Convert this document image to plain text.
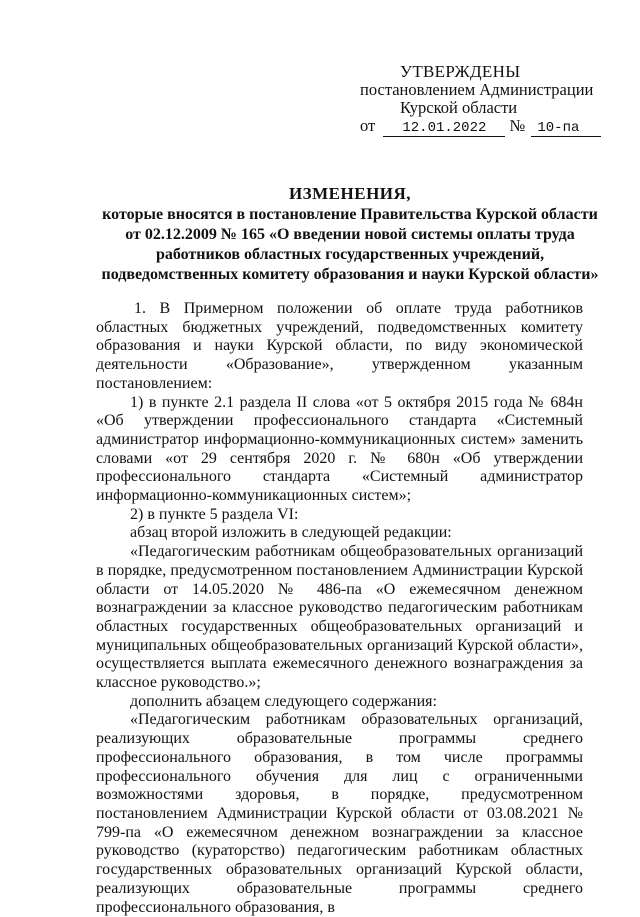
УТВЕРЖДЕНЫ
постановлением Администрации
Курской области
от 12.01.2022 № 10-па
ИЗМЕНЕНИЯ,
которые вносятся в постановление Правительства Курской области
от 02.12.2009 № 165 «О введении новой системы оплаты труда
работников областных государственных учреждений,
подведомственных комитету образования и науки Курской области»

1. В Примерном положении об оплате труда работников областных бюджетных учреждений, подведомственных комитету образования и науки Курской области, по виду экономической деятельности «Образование», утвержденном указанным постановлением:

1) в пункте 2.1 раздела II слова «от 5 октября 2015 года № 684н «Об утверждении профессионального стандарта «Системный администратор информационно-коммуникационных систем» заменить словами «от 29 сентября 2020 г. № 680н «Об утверждении профессионального стандарта «Системный администратор информационно-коммуникационных систем»;

2) в пункте 5 раздела VI:

абзац второй изложить в следующей редакции:

«Педагогическим работникам общеобразовательных организаций в порядке, предусмотренном постановлением Администрации Курской области от 14.05.2020 № 486-па «О ежемесячном денежном вознаграждении за классное руководство педагогическим работникам областных государственных общеобразовательных организаций и муниципальных общеобразовательных организаций Курской области», осуществляется выплата ежемесячного денежного вознаграждения за классное руководство.»;

дополнить абзацем следующего содержания:

«Педагогическим работникам образовательных организаций, реализующих образовательные программы среднего профессионального образования, в том числе программы профессионального обучения для лиц с ограниченными возможностями здоровья, в порядке, предусмотренном постановлением Администрации Курской области от 03.08.2021 № 799-па «О ежемесячном денежном вознаграждении за классное руководство (кураторство) педагогическим работникам областных государственных образовательных организаций Курской области, реализующих образовательные программы среднего профессионального образования, в
